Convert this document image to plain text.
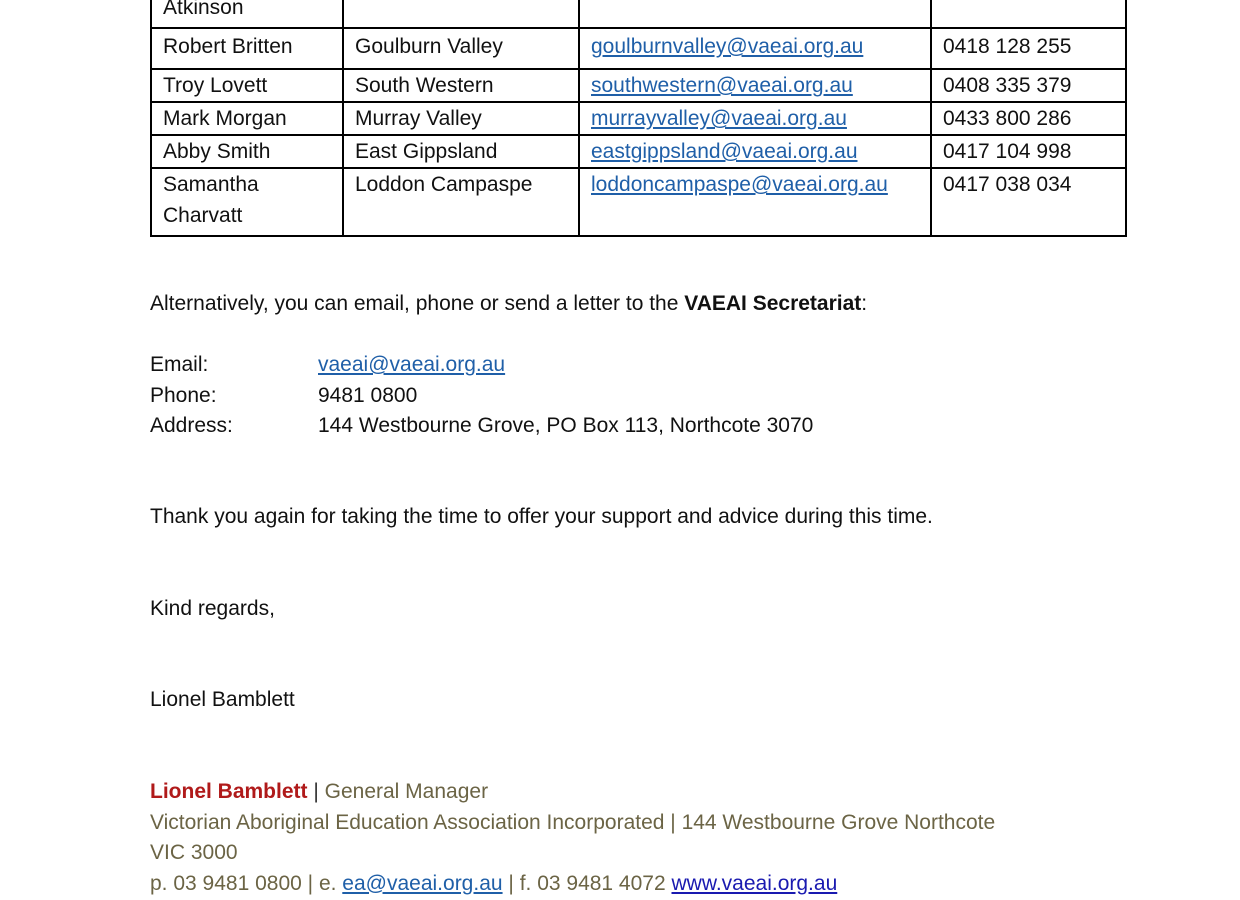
Atkinson			
Robert Britten	Goulburn Valley	goulburnvalley@vaeai.org.au	0418 128 255
Troy Lovett	South Western	southwestern@vaeai.org.au	0408 335 379
Mark Morgan	Murray Valley	murrayvalley@vaeai.org.au	0433 800 286
Abby Smith	East Gippsland	eastgippsland@vaeai.org.au	0417 104 998
Samantha Charvatt	Loddon Campaspe	loddoncampaspe@vaeai.org.au	0417 038 034
Alternatively, you can email, phone or send a letter to the VAEAI Secretariat:
Email:	vaeai@vaeai.org.au
Phone:	9481 0800
Address:	144 Westbourne Grove, PO Box 113, Northcote 3070
Thank you again for taking the time to offer your support and advice during this time.
Kind regards,
Lionel Bamblett
Lionel Bamblett | General Manager
Victorian Aboriginal Education Association Incorporated | 144 Westbourne Grove Northcote
VIC 3000
p. 03 9481 0800 | e. ea@vaeai.org.au | f. 03 9481 4072 www.vaeai.org.au
